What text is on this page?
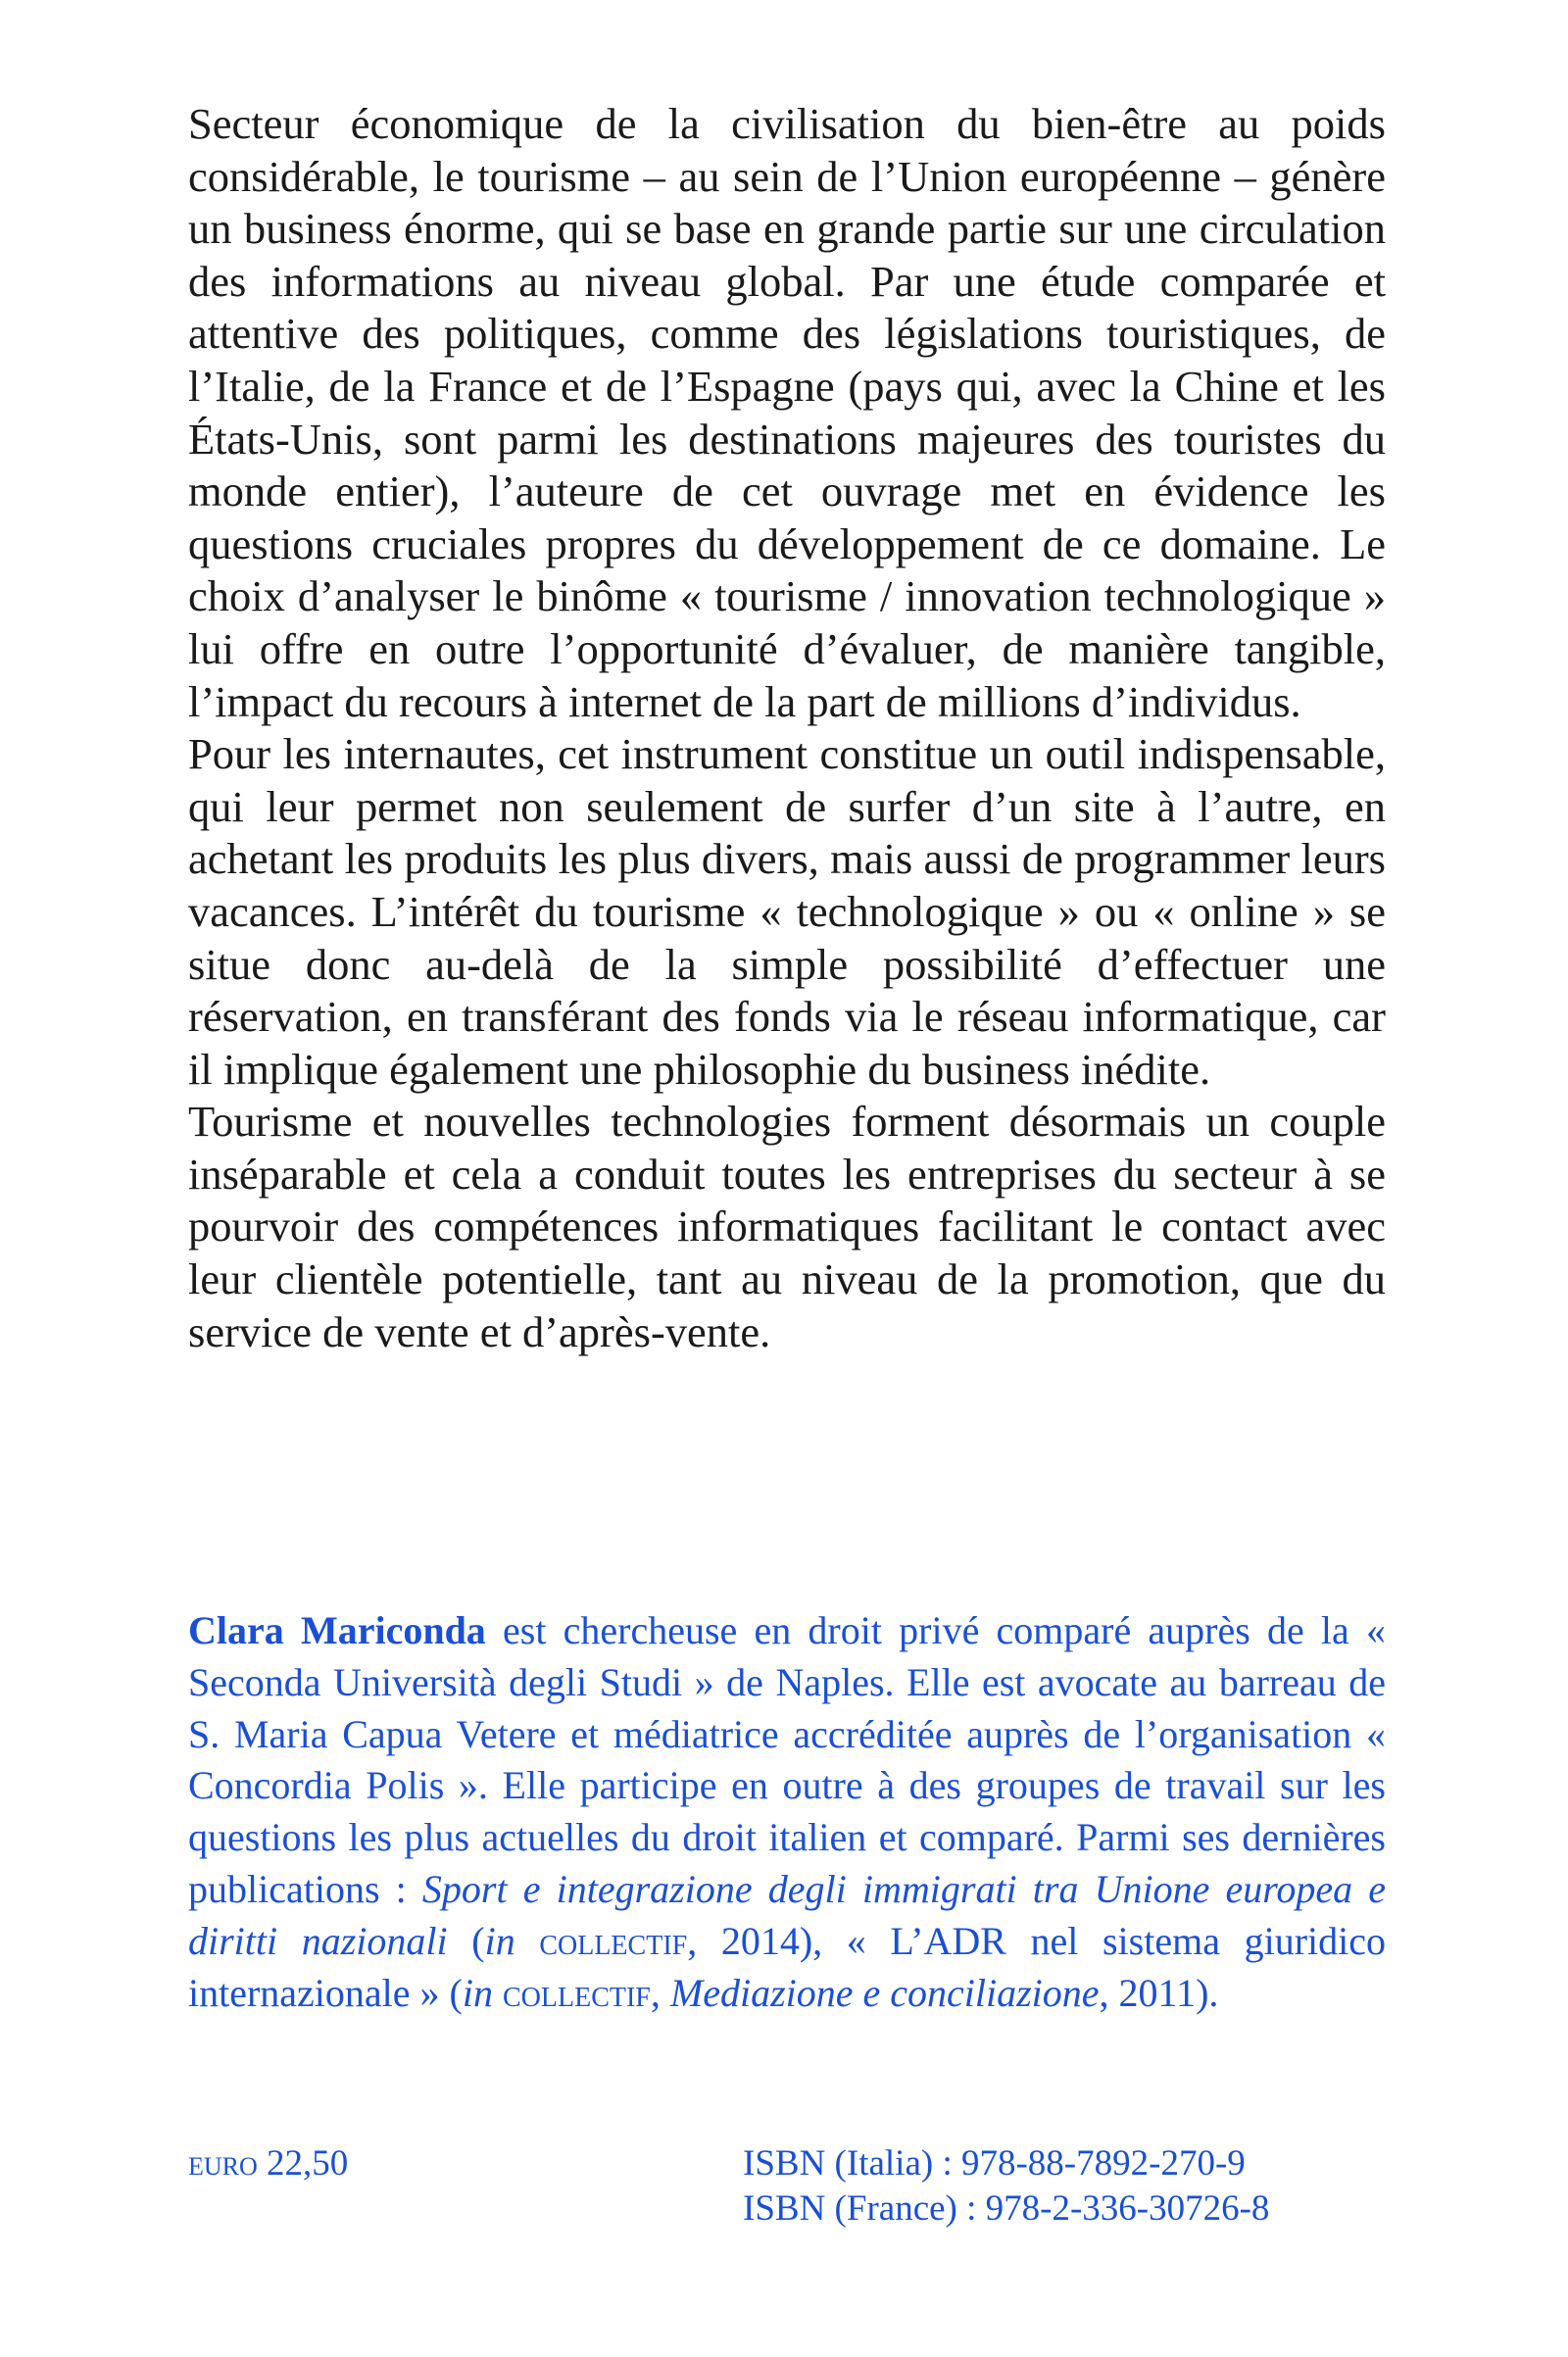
Secteur économique de la civilisation du bien-être au poids considérable, le tourisme – au sein de l’Union européenne – génère un business énorme, qui se base en grande partie sur une circulation des informations au niveau global. Par une étude comparée et attentive des politiques, comme des législations touristiques, de l’Italie, de la France et de l’Espagne (pays qui, avec la Chine et les États-Unis, sont parmi les destinations majeures des touristes du monde entier), l’auteure de cet ouvrage met en évidence les questions cruciales propres du développement de ce domaine. Le choix d’analyser le binôme « tourisme / innovation technologique » lui offre en outre l’opportunité d’évaluer, de manière tangible, l’impact du recours à internet de la part de millions d’individus.

Pour les internautes, cet instrument constitue un outil indispensable, qui leur permet non seulement de surfer d’un site à l’autre, en achetant les produits les plus divers, mais aussi de programmer leurs vacances. L’intérêt du tourisme « technologique » ou « online » se situe donc au-delà de la simple possibilité d’effectuer une réservation, en transférant des fonds via le réseau informatique, car il implique également une philosophie du business inédite.

Tourisme et nouvelles technologies forment désormais un couple inséparable et cela a conduit toutes les entreprises du secteur à se pourvoir des compétences informatiques facilitant le contact avec leur clientèle potentielle, tant au niveau de la promotion, que du service de vente et d’après-vente.

Clara Mariconda est chercheuse en droit privé comparé auprès de la « Seconda Università degli Studi » de Naples. Elle est avocate au barreau de S. Maria Capua Vetere et médiatrice accréditée auprès de l’organisation « Concordia Polis ». Elle participe en outre à des groupes de travail sur les questions les plus actuelles du droit italien et comparé. Parmi ses dernières publications : Sport e integrazione degli immigrati tra Unione europea e diritti nazionali (in collectif, 2014), « L’ADR nel sistema giuridico internazionale » (in collectif, Mediazione e conciliazione, 2011).

euro 22,50	ISBN (Italia) : 978-88-7892-270-9
ISBN (France) : 978-2-336-30726-8
